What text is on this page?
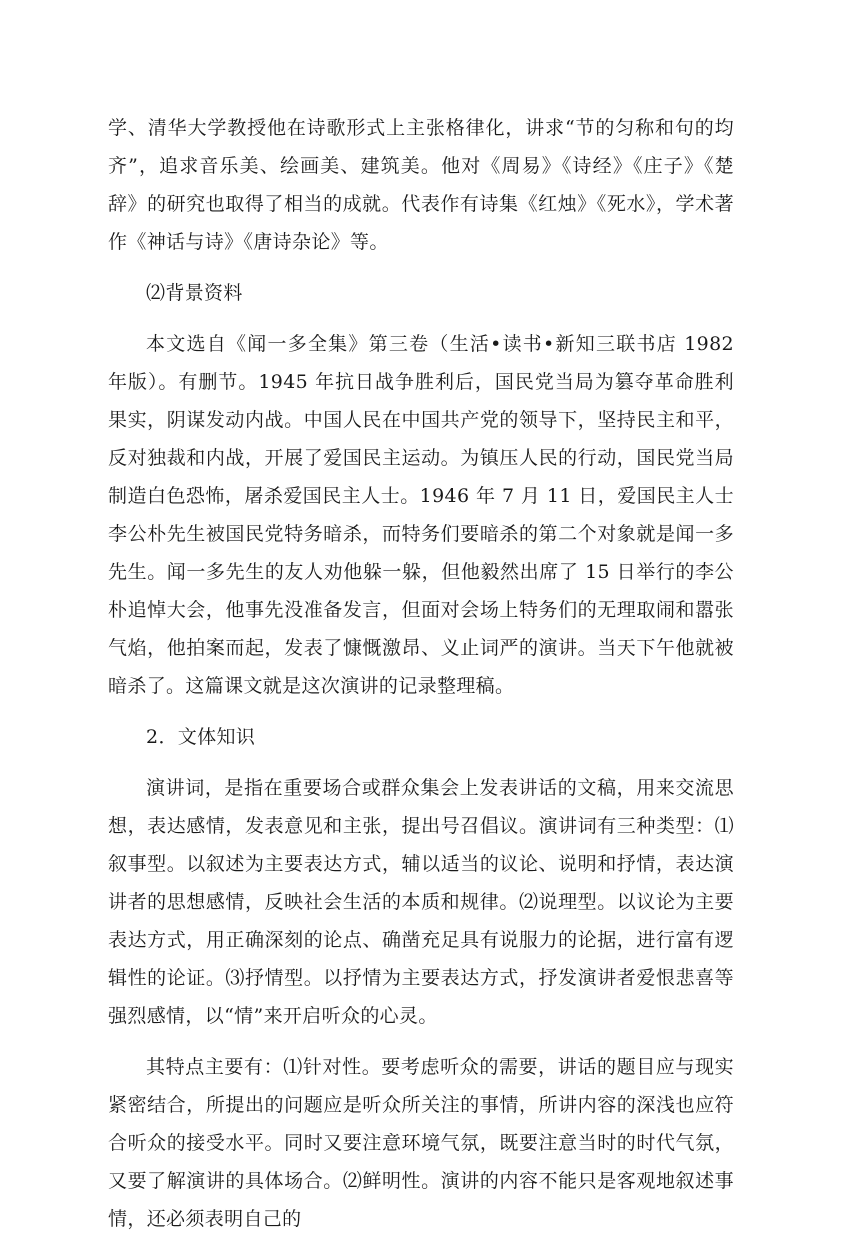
学、清华大学教授他在诗歌形式上主张格律化，讲求“节的匀称和句的均齐”，追求音乐美、绘画美、建筑美。他对《周易》《诗经》《庄子》《楚辞》的研究也取得了相当的成就。代表作有诗集《红烛》《死水》，学术著作《神话与诗》《唐诗杂论》等。

⑵背景资料

本文选自《闻一多全集》第三卷（生活•读书•新知三联书店 1982 年版）。有删节。1945 年抗日战争胜利后，国民党当局为篡夺革命胜利果实，阴谋发动内战。中国人民在中国共产党的领导下，坚持民主和平，反对独裁和内战，开展了爱国民主运动。为镇压人民的行动，国民党当局制造白色恐怖，屠杀爱国民主人士。1946 年 7 月 11 日，爱国民主人士李公朴先生被国民党特务暗杀，而特务们要暗杀的第二个对象就是闻一多先生。闻一多先生的友人劝他躲一躲，但他毅然出席了 15 日举行的李公朴追悼大会，他事先没准备发言，但面对会场上特务们的无理取闹和嚣张气焰，他拍案而起，发表了慷慨激昂、义止词严的演讲。当天下午他就被暗杀了。这篇课文就是这次演讲的记录整理稿。

2．文体知识

演讲词，是指在重要场合或群众集会上发表讲话的文稿，用来交流思想，表达感情，发表意见和主张，提出号召倡议。演讲词有三种类型：⑴叙事型。以叙述为主要表达方式，辅以适当的议论、说明和抒情，表达演讲者的思想感情，反映社会生活的本质和规律。⑵说理型。以议论为主要表达方式，用正确深刻的论点、确凿充足具有说服力的论据，进行富有逻辑性的论证。⑶抒情型。以抒情为主要表达方式，抒发演讲者爱恨悲喜等强烈感情，以“情”来开启听众的心灵。

其特点主要有：⑴针对性。要考虑听众的需要，讲话的题目应与现实紧密结合，所提出的问题应是听众所关注的事情，所讲内容的深浅也应符合听众的接受水平。同时又要注意环境气氛，既要注意当时的时代气氛，又要了解演讲的具体场合。⑵鲜明性。演讲的内容不能只是客观地叙述事情，还必须表明自己的
